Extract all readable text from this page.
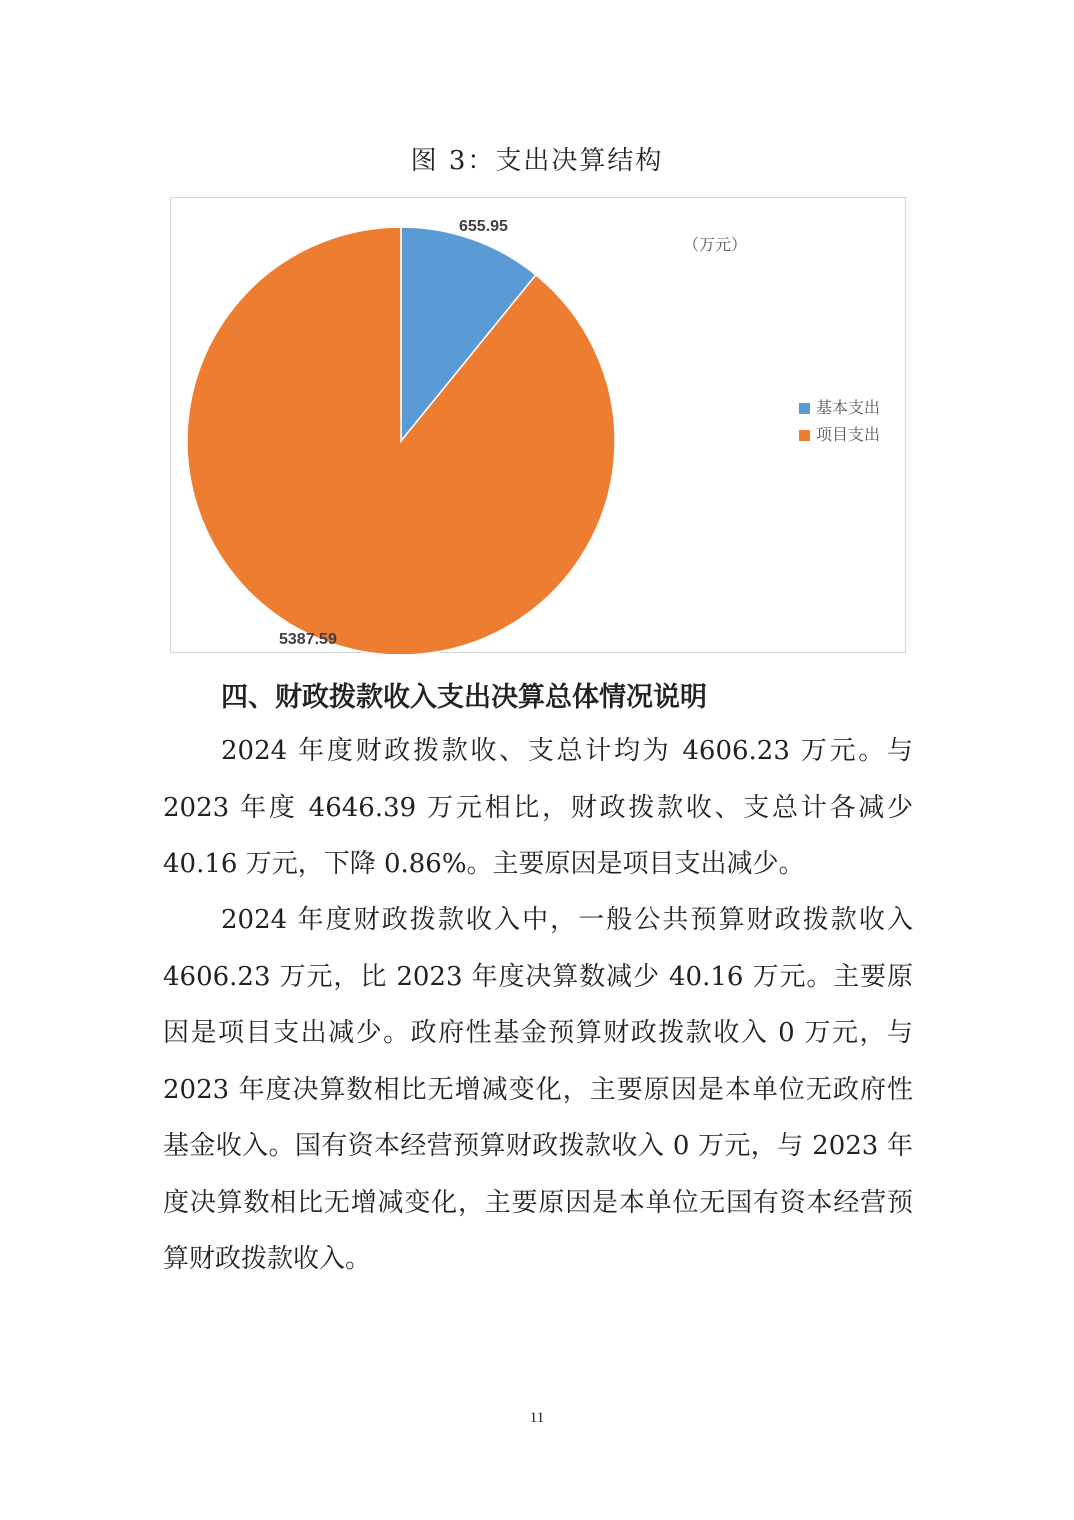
图 3：支出决算结构
655.95
5387.59
（万元）
基本支出
项目支出
四、财政拨款收入支出决算总体情况说明
2024 年度财政拨款收、支总计均为 4606.23 万元。与 2023 年度 4646.39 万元相比，财政拨款收、支总计各减少 40.16 万元，下降 0.86%。主要原因是项目支出减少。
2024 年度财政拨款收入中，一般公共预算财政拨款收入 4606.23 万元，比 2023 年度决算数减少 40.16 万元。主要原因是项目支出减少。政府性基金预算财政拨款收入 0 万元，与 2023 年度决算数相比无增减变化，主要原因是本单位无政府性基金收入。国有资本经营预算财政拨款收入 0 万元，与 2023 年度决算数相比无增减变化，主要原因是本单位无国有资本经营预算财政拨款收入。
11
